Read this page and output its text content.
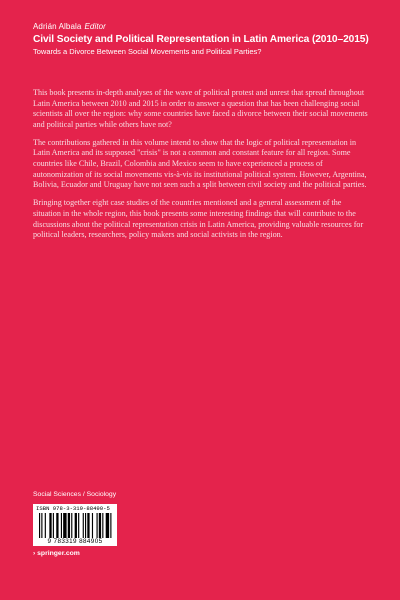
Adrián Albala Editor
Civil Society and Political Representation in Latin America (2010–2015)
Towards a Divorce Between Social Movements and Political Parties?

This book presents in-depth analyses of the wave of political protest and unrest that spread throughout Latin America between 2010 and 2015 in order to answer a question that has been challenging social scientists all over the region: why some countries have faced a divorce between their social movements and political parties while others have not?

The contributions gathered in this volume intend to show that the logic of political representation in Latin America and its supposed "crisis" is not a common and constant feature for all region. Some countries like Chile, Brazil, Colombia and Mexico seem to have experienced a process of autonomization of its social movements vis-à-vis its institutional political system. However, Argentina, Bolivia, Ecuador and Uruguay have not seen such a split between civil society and the political parties.

Bringing together eight case studies of the countries mentioned and a general assessment of the situation in the whole region, this book presents some interesting findings that will contribute to the discussions about the political representation crisis in Latin America, providing valuable resources for political leaders, researchers, policy makers and social activists in the region.

Social Sciences / Sociology
ISBN 978-3-319-88490-5
9 783319 884905
› springer.com
